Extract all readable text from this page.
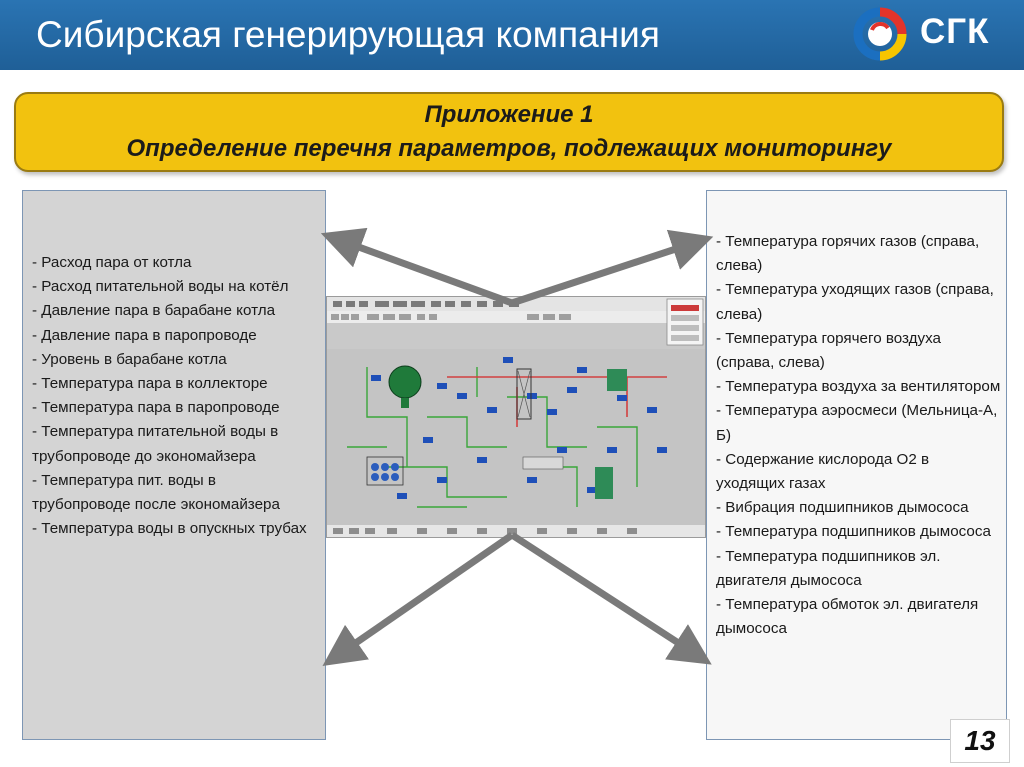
Сибирская генерирующая компания	СГК
Приложение 1
Определение перечня параметров, подлежащих мониторингу
- Расход пара от котла
- Расход питательной воды на котёл
- Давление пара в барабане котла
- Давление пара в паропроводе
- Уровень в барабане котла
- Температура пара в коллекторе
- Температура пара в паропроводе
- Температура питательной воды в трубопроводе до экономайзера
- Температура пит. воды в трубопроводе после экономайзера
- Температура воды в опускных трубах
- Температура горячих газов (справа, слева)
- Температура уходящих газов (справа, слева)
- Температура горячего воздуха (справа, слева)
- Температура воздуха за вентилятором
- Температура аэросмеси (Мельница-А, Б)
- Содержание кислорода О2 в уходящих газах
- Вибрация подшипников дымососа
- Температура подшипников дымососа
- Температура подшипников эл. двигателя дымососа
- Температура обмоток эл. двигателя дымососа
13
